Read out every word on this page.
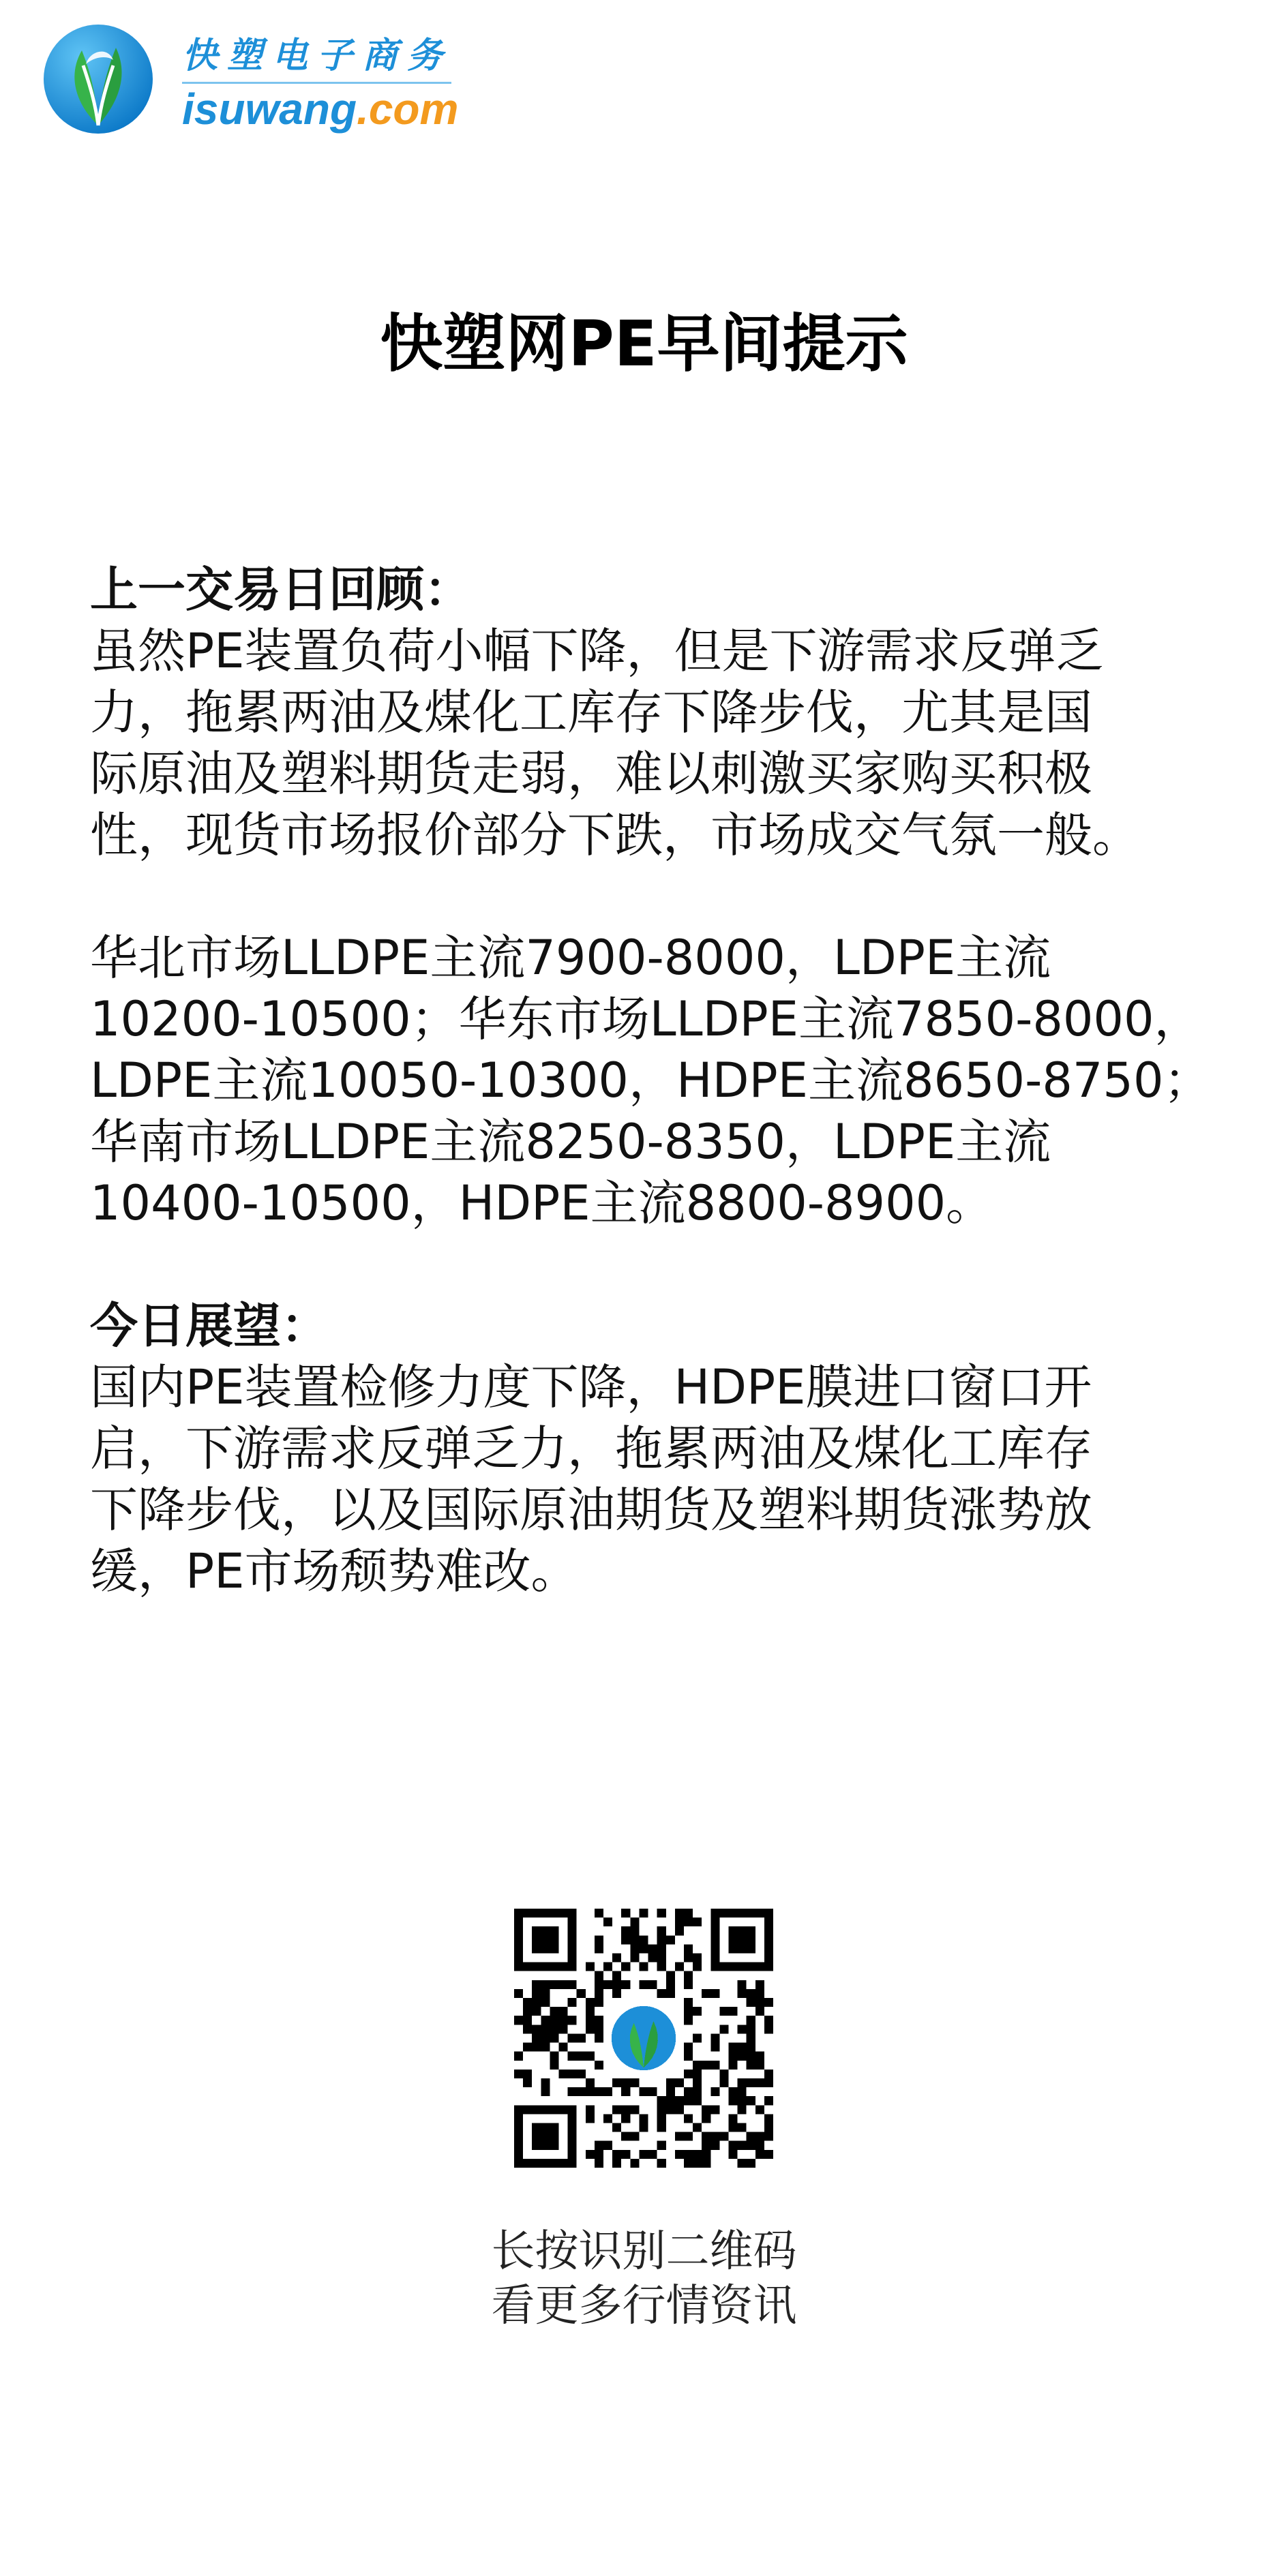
快塑电子商务
isuwang.com
快塑网PE早间提示

上一交易日回顾：

虽然PE装置负荷小幅下降，但是下游需求反弹乏
力，拖累两油及煤化工库存下降步伐，尤其是国
际原油及塑料期货走弱，难以刺激买家购买积极
性，现货市场报价部分下跌，市场成交气氛一般。

华北市场LLDPE主流7900-8000，LDPE主流
10200-10500；华东市场LLDPE主流7850-8000，
LDPE主流10050-10300，HDPE主流8650-8750；
华南市场LLDPE主流8250-8350，LDPE主流
10400-10500，HDPE主流8800-8900。

今日展望：

国内PE装置检修力度下降，HDPE膜进口窗口开
启，下游需求反弹乏力，拖累两油及煤化工库存
下降步伐，以及国际原油期货及塑料期货涨势放
缓，PE市场颓势难改。

长按识别二维码
看更多行情资讯
